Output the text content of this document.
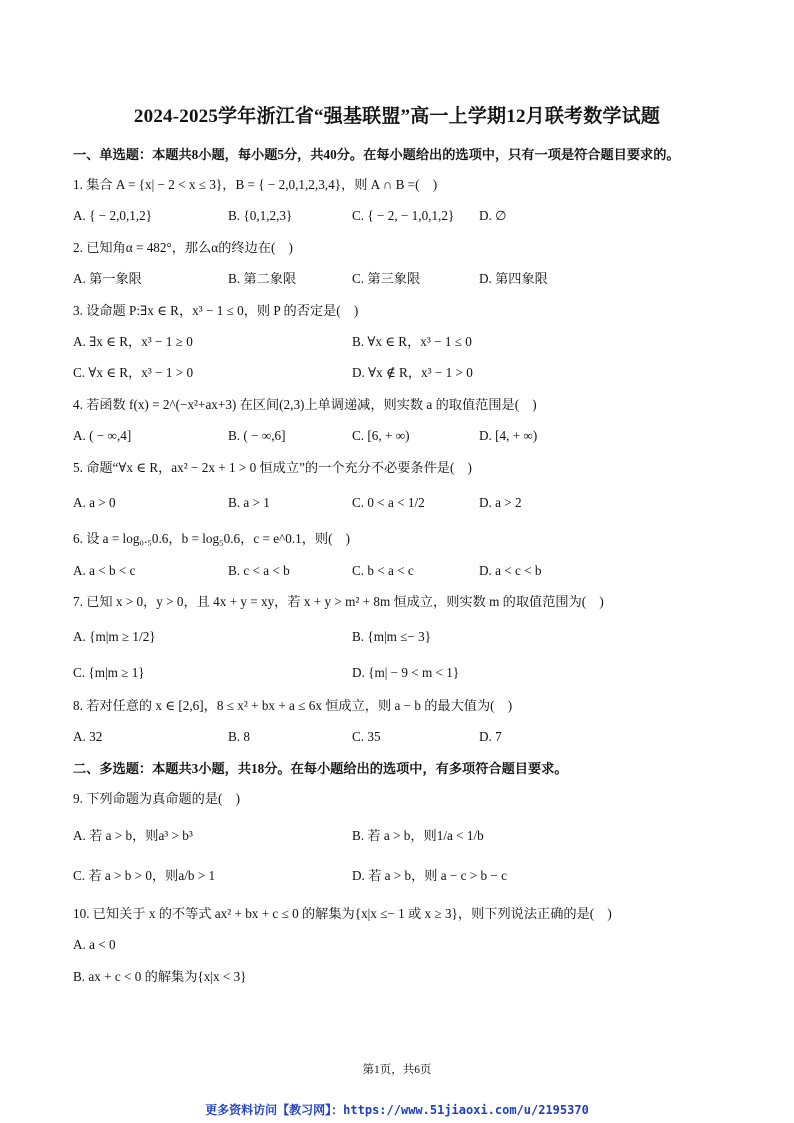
2024-2025学年浙江省“强基联盟”高一上学期12月联考数学试题
一、单选题：本题共8小题，每小题5分，共40分。在每小题给出的选项中，只有一项是符合题目要求的。
1. 集合 A = {x| − 2 < x ≤ 3}，B = { − 2,0,1,2,3,4}，则 A ∩ B =(　)
A. { − 2,0,1,2}	B. {0,1,2,3}	C. { − 2, − 1,0,1,2} D. ∅
2. 已知角α = 482°，那么α的终边在(　)
A. 第一象限	B. 第二象限	C. 第三象限	D. 第四象限
3. 设命题 P:∃x ∈ R，x³ − 1 ≤ 0，则 P 的否定是(　)
A. ∃x ∈ R，x³ − 1 ≥ 0	B. ∀x ∈ R，x³ − 1 ≤ 0
C. ∀x ∈ R，x³ − 1 > 0	D. ∀x ∉ R，x³ − 1 > 0
4. 若函数 f(x) = 2^(−x²+ax+3) 在区间(2,3)上单调递减，则实数 a 的取值范围是(　)
A. ( − ∞,4]	B. ( − ∞,6]	C. [6, + ∞)	D. [4, + ∞)
5. 命题“∀x ∈ R，ax² − 2x + 1 > 0 恒成立”的一个充分不必要条件是(　)
A. a > 0	B. a > 1	C. 0 < a < 1/2	D. a > 2
6. 设 a = log₀.₅0.6，b = log₅0.6，c = e^0.1，则(　)
A. a < b < c	B. c < a < b	C. b < a < c	D. a < c < b
7. 已知 x > 0，y > 0，且 4x + y = xy，若 x + y > m² + 8m 恒成立，则实数 m 的取值范围为(　)
A. {m|m ≥ 1/2}	B. {m|m ≤− 3}
C. {m|m ≥ 1}	D. {m| − 9 < m < 1}
8. 若对任意的 x ∈ [2,6]，8 ≤ x² + bx + a ≤ 6x 恒成立，则 a − b 的最大值为(　)
A. 32	B. 8	C. 35	D. 7
二、多选题：本题共3小题，共18分。在每小题给出的选项中，有多项符合题目要求。
9. 下列命题为真命题的是(　)
A. 若 a > b，则a³ > b³	B. 若 a > b，则1/a < 1/b
C. 若 a > b > 0，则a/b > 1	D. 若 a > b，则 a − c > b − c
10. 已知关于 x 的不等式 ax² + bx + c ≤ 0 的解集为{x|x ≤− 1 或 x ≥ 3}，则下列说法正确的是(　)
A. a < 0
B. ax + c < 0 的解集为{x|x < 3}
第1页，共6页
更多资料访问【教习网】：https://www.51jiaoxi.com/u/2195370
